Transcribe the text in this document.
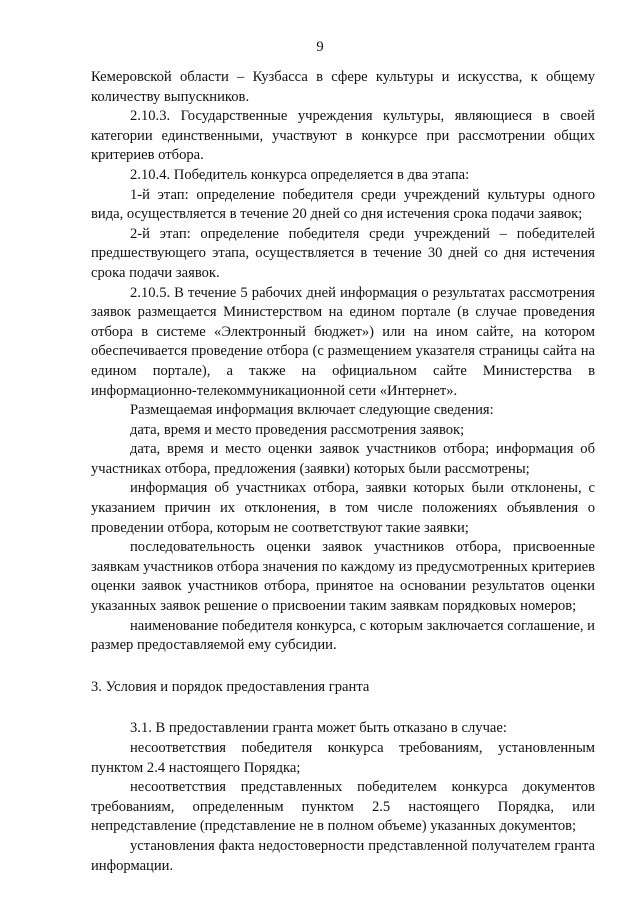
9

Кемеровской области – Кузбасса в сфере культуры и искусства, к общему количеству выпускников.

2.10.3. Государственные учреждения культуры, являющиеся в своей категории единственными, участвуют в конкурсе при рассмотрении общих критериев отбора.

2.10.4. Победитель конкурса определяется в два этапа:

1-й этап: определение победителя среди учреждений культуры одного вида, осуществляется в течение 20 дней со дня истечения срока подачи заявок;

2-й этап: определение победителя среди учреждений – победителей предшествующего этапа, осуществляется в течение 30 дней со дня истечения срока подачи заявок.

2.10.5. В течение 5 рабочих дней информация о результатах рассмотрения заявок размещается Министерством на едином портале (в случае проведения отбора в системе «Электронный бюджет») или на ином сайте, на котором обеспечивается проведение отбора (с размещением указателя страницы сайта на едином портале), а также на официальном сайте Министерства в информационно-телекоммуникационной сети «Интернет».

Размещаемая информация включает следующие сведения:

дата, время и место проведения рассмотрения заявок;

дата, время и место оценки заявок участников отбора; информация об участниках отбора, предложения (заявки) которых были рассмотрены;

информация об участниках отбора, заявки которых были отклонены, с указанием причин их отклонения, в том числе положениях объявления о проведении отбора, которым не соответствуют такие заявки;

последовательность оценки заявок участников отбора, присвоенные заявкам участников отбора значения по каждому из предусмотренных критериев оценки заявок участников отбора, принятое на основании результатов оценки указанных заявок решение о присвоении таким заявкам порядковых номеров;

наименование победителя конкурса, с которым заключается соглашение, и размер предоставляемой ему субсидии.

3. Условия и порядок предоставления гранта

3.1. В предоставлении гранта может быть отказано в случае:

несоответствия победителя конкурса требованиям, установленным пунктом 2.4 настоящего Порядка;

несоответствия представленных победителем конкурса документов требованиям, определенным пунктом 2.5 настоящего Порядка, или непредставление (представление не в полном объеме) указанных документов;

установления факта недостоверности представленной получателем гранта информации.
